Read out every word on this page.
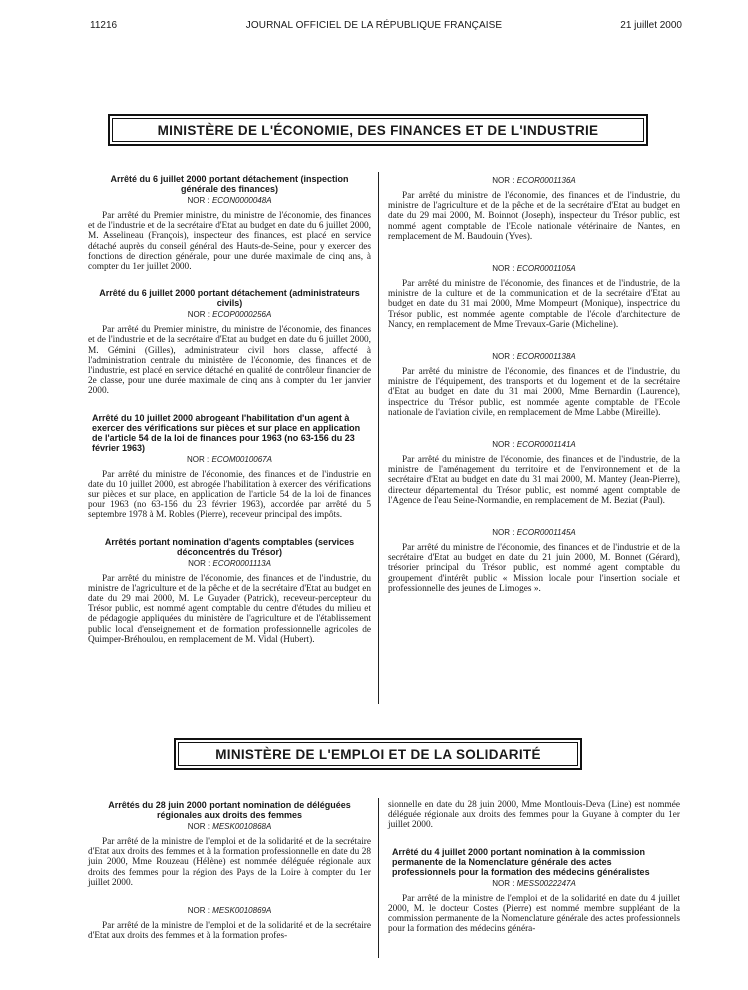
11216	JOURNAL OFFICIEL DE LA RÉPUBLIQUE FRANÇAISE	21 juillet 2000
MINISTÈRE DE L'ÉCONOMIE, DES FINANCES ET DE L'INDUSTRIE
Arrêté du 6 juillet 2000 portant détachement (inspection générale des finances)
NOR : ECON0000048A

Par arrêté du Premier ministre, du ministre de l'économie, des finances et de l'industrie et de la secrétaire d'Etat au budget en date du 6 juillet 2000, M. Asselineau (François), inspecteur des finances, est placé en service détaché auprès du conseil général des Hauts-de-Seine, pour y exercer des fonctions de direction générale, pour une durée maximale de cinq ans, à compter du 1er juillet 2000.

Arrêté du 6 juillet 2000 portant détachement (administrateurs civils)
NOR : ECOP0000256A

Par arrêté du Premier ministre, du ministre de l'économie, des finances et de l'industrie et de la secrétaire d'Etat au budget en date du 6 juillet 2000, M. Gémini (Gilles), administrateur civil hors classe, affecté à l'administration centrale du ministère de l'économie, des finances et de l'industrie, est placé en service détaché en qualité de contrôleur financier de 2e classe, pour une durée maximale de cinq ans à compter du 1er janvier 2000.

Arrêté du 10 juillet 2000 abrogeant l'habilitation d'un agent à exercer des vérifications sur pièces et sur place en application de l'article 54 de la loi de finances pour 1963 (no 63-156 du 23 février 1963)
NOR : ECOM0010067A

Par arrêté du ministre de l'économie, des finances et de l'industrie en date du 10 juillet 2000, est abrogée l'habilitation à exercer des vérifications sur pièces et sur place, en application de l'article 54 de la loi de finances pour 1963 (no 63-156 du 23 février 1963), accordée par arrêté du 5 septembre 1978 à M. Robles (Pierre), receveur principal des impôts.

Arrêtés portant nomination d'agents comptables (services déconcentrés du Trésor)
NOR : ECOR0001113A

Par arrêté du ministre de l'économie, des finances et de l'industrie, du ministre de l'agriculture et de la pêche et de la secrétaire d'Etat au budget en date du 29 mai 2000, M. Le Guyader (Patrick), receveur-percepteur du Trésor public, est nommé agent comptable du centre d'études du milieu et de pédagogie appliquées du ministère de l'agriculture et de l'établissement public local d'enseignement et de formation professionnelle agricoles de Quimper-Bréhoulou, en remplacement de M. Vidal (Hubert).

NOR : ECOR0001136A

Par arrêté du ministre de l'économie, des finances et de l'industrie, du ministre de l'agriculture et de la pêche et de la secrétaire d'Etat au budget en date du 29 mai 2000, M. Boinnot (Joseph), inspecteur du Trésor public, est nommé agent comptable de l'Ecole nationale vétérinaire de Nantes, en remplacement de M. Baudouin (Yves).

NOR : ECOR0001105A

Par arrêté du ministre de l'économie, des finances et de l'industrie, de la ministre de la culture et de la communication et de la secrétaire d'Etat au budget en date du 31 mai 2000, Mme Mompeurt (Monique), inspectrice du Trésor public, est nommée agente comptable de l'école d'architecture de Nancy, en remplacement de Mme Trevaux-Garie (Micheline).

NOR : ECOR0001138A

Par arrêté du ministre de l'économie, des finances et de l'industrie, du ministre de l'équipement, des transports et du logement et de la secrétaire d'Etat au budget en date du 31 mai 2000, Mme Bernardin (Laurence), inspectrice du Trésor public, est nommée agente comptable de l'Ecole nationale de l'aviation civile, en remplacement de Mme Labbe (Mireille).

NOR : ECOR0001141A

Par arrêté du ministre de l'économie, des finances et de l'industrie, de la ministre de l'aménagement du territoire et de l'environnement et de la secrétaire d'Etat au budget en date du 31 mai 2000, M. Mantey (Jean-Pierre), directeur départemental du Trésor public, est nommé agent comptable de l'Agence de l'eau Seine-Normandie, en remplacement de M. Beziat (Paul).

NOR : ECOR0001145A

Par arrêté du ministre de l'économie, des finances et de l'industrie et de la secrétaire d'Etat au budget en date du 21 juin 2000, M. Bonnet (Gérard), trésorier principal du Trésor public, est nommé agent comptable du groupement d'intérêt public « Mission locale pour l'insertion sociale et professionnelle des jeunes de Limoges ».

MINISTÈRE DE L'EMPLOI ET DE LA SOLIDARITÉ
Arrêtés du 28 juin 2000 portant nomination de déléguées régionales aux droits des femmes
NOR : MESK0010868A

Par arrêté de la ministre de l'emploi et de la solidarité et de la secrétaire d'Etat aux droits des femmes et à la formation professionnelle en date du 28 juin 2000, Mme Rouzeau (Hélène) est nommée déléguée régionale aux droits des femmes pour la région des Pays de la Loire à compter du 1er juillet 2000.

NOR : MESK0010869A

Par arrêté de la ministre de l'emploi et de la solidarité et de la secrétaire d'Etat aux droits des femmes et à la formation profes-

sionnelle en date du 28 juin 2000, Mme Montlouis-Deva (Line) est nommée déléguée régionale aux droits des femmes pour la Guyane à compter du 1er juillet 2000.

Arrêté du 4 juillet 2000 portant nomination à la commission permanente de la Nomenclature générale des actes professionnels pour la formation des médecins généralistes
NOR : MESS0022247A

Par arrêté de la ministre de l'emploi et de la solidarité en date du 4 juillet 2000, M. le docteur Costes (Pierre) est nommé membre suppléant de la commission permanente de la Nomenclature générale des actes professionnels pour la formation des médecins généra-
